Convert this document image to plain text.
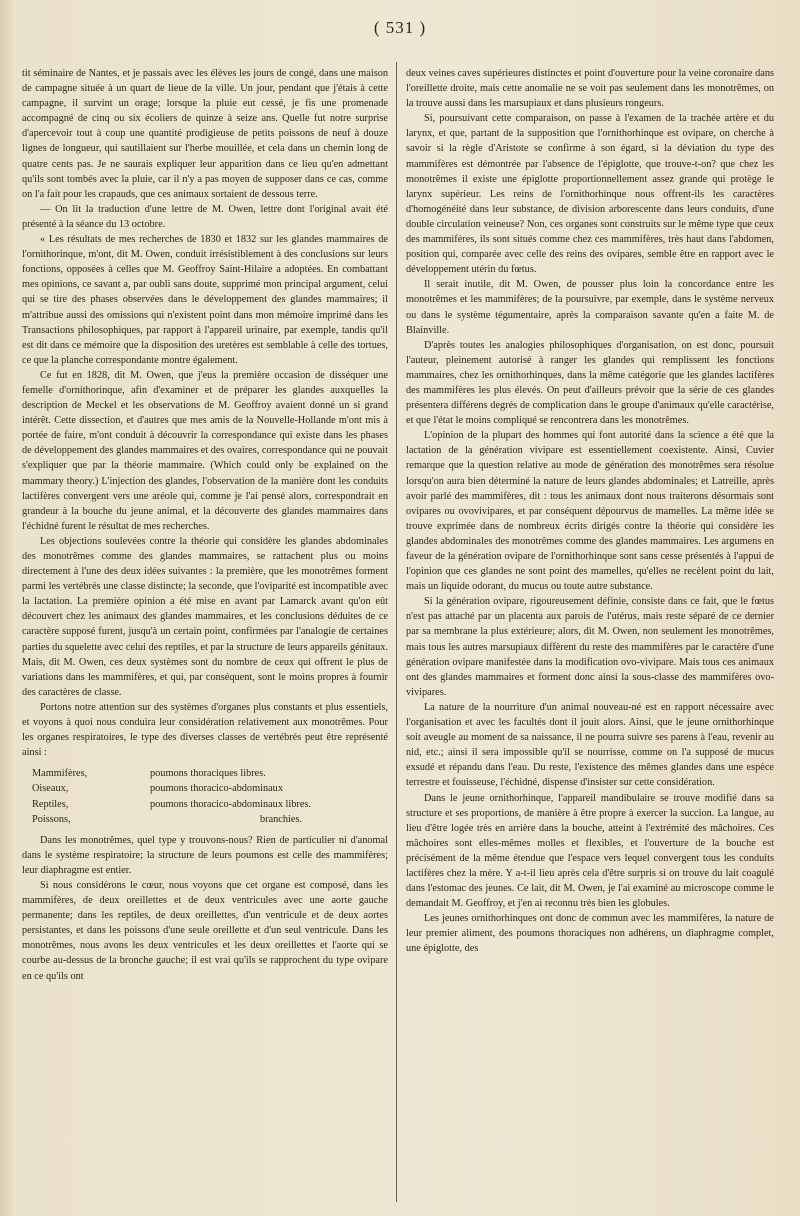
( 531 )

tit séminaire de Nantes, et je passais avec les élèves les jours de congé, dans une maison de campagne située à un quart de lieue de la ville. Un jour, pendant que j'étais à cette campagne, il survint un orage; lorsque la pluie eut cessé, je fis une promenade accompagné de cinq ou six écoliers de quinze à seize ans. Quelle fut notre surprise d'apercevoir tout à coup une quantité prodigieuse de petits poissons de neuf à douze lignes de longueur, qui sautillaient sur l'herbe mouillée, et cela dans un chemin long de quatre cents pas. Je ne saurais expliquer leur apparition dans ce lieu qu'en admettant qu'ils sont tombés avec la pluie, car il n'y a pas moyen de supposer dans ce cas, comme on l'a fait pour les crapauds, que ces animaux sortaient de dessous terre.

— On lit la traduction d'une lettre de M. Owen, lettre dont l'original avait été présenté à la séance du 13 octobre.

« Les résultats de mes recherches de 1830 et 1832 sur les glandes mammaires de l'ornithorinque, m'ont, dit M. Owen, conduit irrésistiblement à des conclusions sur leurs fonctions, opposées à celles que M. Geoffroy Saint-Hilaire a adoptées. En combattant mes opinions, ce savant a, par oubli sans doute, supprimé mon principal argument, celui qui se tire des phases observées dans le développement des glandes mammaires; il m'attribue aussi des omissions qui n'existent point dans mon mémoire imprimé dans les Transactions philosophiques, par rapport à l'appareil urinaire, par exemple, tandis qu'il est dit dans ce mémoire que la disposition des uretères est semblable à celle des tortues, ce que la planche correspondante montre également.

Ce fut en 1828, dit M. Owen, que j'eus la première occasion de disséquer une femelle d'ornithorinque, afin d'examiner et de préparer les glandes auxquelles la description de Meckel et les observations de M. Geoffroy avaient donné un si grand intérêt. Cette dissection, et d'autres que mes amis de la Nouvelle-Hollande m'ont mis à portée de faire, m'ont conduit à découvrir la correspondance qui existe dans les phases de développement des glandes mammaires et des ovaires, correspondance qui ne pouvait s'expliquer que par la théorie mammaire. (Which could only be explained on the mammary theory.) L'injection des glandes, l'observation de la manière dont les conduits lactifères convergent vers une aréole qui, comme je l'ai pensé alors, correspondrait en grandeur à la bouche du jeune animal, et la découverte des glandes mammaires dans l'échidné furent le résultat de mes recherches.

Les objections soulevées contre la théorie qui considère les glandes abdominales des monotrêmes comme des glandes mammaires, se rattachent plus ou moins directement à l'une des deux idées suivantes : la première, que les monotrêmes forment parmi les vertébrés une classe distincte; la seconde, que l'oviparité est incompatible avec la lactation. La première opinion a été mise en avant par Lamarck avant qu'on eût découvert chez les animaux des glandes mammaires, et les conclusions déduites de ce caractère supposé furent, jusqu'à un certain point, confirmées par l'analogie de certaines parties du squelette avec celui des reptiles, et par la structure de leurs appareils génitaux. Mais, dit M. Owen, ces deux systèmes sont du nombre de ceux qui offrent le plus de variations dans les mammifères, et qui, par conséquent, sont le moins propres à fournir des caractères de classe.

Portons notre attention sur des systèmes d'organes plus constants et plus essentiels, et voyons à quoi nous conduira leur considération relativement aux monotrêmes. Pour les organes respiratoires, le type des diverses classes de vertébrés peut être représenté ainsi :

Mammifères,	poumons thoraciques libres.
Oiseaux,	poumons thoracico-abdominaux
Reptiles,	poumons thoracico-abdominaux libres.
Poissons,	branchies.

Dans les monotrêmes, quel type y trouvons-nous? Rien de particulier ni d'anomal dans le système respiratoire; la structure de leurs poumons est celle des mammifères; leur diaphragme est entier.

Si nous considérons le cœur, nous voyons que cet organe est composé, dans les mammifères, de deux oreillettes et de deux ventricules avec une aorte gauche permanente; dans les reptiles, de deux oreillettes, d'un ventricule et de deux aortes persistantes, et dans les poissons d'une seule oreillette et d'un seul ventricule. Dans les monotrêmes, nous avons les deux ventricules et les deux oreillettes et l'aorte qui se courbe au-dessus de la bronche gauche; il est vrai qu'ils se rapprochent du type ovipare en ce qu'ils ont

deux veines caves supérieures distinctes et point d'ouverture pour la veine coronaire dans l'oreillette droite, mais cette anomalie ne se voit pas seulement dans les monotrêmes, on la trouve aussi dans les marsupiaux et dans plusieurs rongeurs.

Si, poursuivant cette comparaison, on passe à l'examen de la trachée artère et du larynx, et que, partant de la supposition que l'ornithorhinque est ovipare, on cherche à savoir si la règle d'Aristote se confirme à son égard, si la déviation du type des mammifères est démontrée par l'absence de l'épiglotte, que trouve-t-on? que chez les monotrêmes il existe une épiglotte proportionnellement assez grande qui protège le larynx supérieur. Les reins de l'ornithorhinque nous offrent-ils les caractères d'homogénéité dans leur substance, de division arborescente dans leurs conduits, d'une double circulation veineuse? Non, ces organes sont construits sur le même type que ceux des mammifères, ils sont situés comme chez ces mammifères, très haut dans l'abdomen, position qui, comparée avec celle des reins des ovipares, semble être en rapport avec le développement utérin du fœtus.

Il serait inutile, dit M. Owen, de pousser plus loin la concordance entre les monotrêmes et les mammifères; de la poursuivre, par exemple, dans le système nerveux ou dans le système tégumentaire, après la comparaison savante qu'en a faite M. de Blainville.

D'après toutes les analogies philosophiques d'organisation, on est donc, poursuit l'auteur, pleinement autorisé à ranger les glandes qui remplissent les fonctions mammaires, chez les ornithorhinques, dans la même catégorie que les glandes lactifères des mammifères les plus élevés. On peut d'ailleurs prévoir que la série de ces glandes présentera différens degrés de complication dans le groupe d'animaux qu'elle caractérise, et que l'état le moins compliqué se rencontrera dans les monotrêmes.

L'opinion de la plupart des hommes qui font autorité dans la science a été que la lactation de la génération vivipare est essentiellement coexistente. Ainsi, Cuvier remarque que la question relative au mode de génération des monotrêmes sera résolue lorsqu'on aura bien déterminé la nature de leurs glandes abdominales; et Latreille, après avoir parlé des mammifères, dit : tous les animaux dont nous traiterons désormais sont ovipares ou ovovivipares, et par conséquent dépourvus de mamelles. La même idée se trouve exprimée dans de nombreux écrits dirigés contre la théorie qui considère les glandes abdominales des monotrêmes comme des glandes mammaires. Les argumens en faveur de la génération ovipare de l'ornithorhinque sont sans cesse présentés à l'appui de l'opinion que ces glandes ne sont point des mamelles, qu'elles ne recèlent point du lait, mais un liquide odorant, du mucus ou toute autre substance.

Si la génération ovipare, rigoureusement définie, consiste dans ce fait, que le fœtus n'est pas attaché par un placenta aux parois de l'utérus, mais reste séparé de ce dernier par sa membrane la plus extérieure; alors, dit M. Owen, non seulement les monotrêmes, mais tous les autres marsupiaux diffèrent du reste des mammifères par le caractère d'une génération ovipare manifestée dans la modification ovo-vivipare. Mais tous ces animaux ont des glandes mammaires et forment donc ainsi la sous-classe des mammifères ovo-vivipares.

La nature de la nourriture d'un animal nouveau-né est en rapport nécessaire avec l'organisation et avec les facultés dont il jouit alors. Ainsi, que le jeune ornithorhinque soit aveugle au moment de sa naissance, il ne pourra suivre ses parens à l'eau, revenir au nid, etc.; ainsi il sera impossible qu'il se nourrisse, comme on l'a supposé de mucus exsudé et répandu dans l'eau. Du reste, l'existence des mêmes glandes dans une espèce terrestre et fouisseuse, l'échidné, dispense d'insister sur cette considération.

Dans le jeune ornithorhinque, l'appareil mandibulaire se trouve modifié dans sa structure et ses proportions, de manière à être propre à exercer la succion. La langue, au lieu d'être logée très en arrière dans la bouche, atteint à l'extrémité des mâchoires. Ces mâchoires sont elles-mêmes molles et flexibles, et l'ouverture de la bouche est précisément de la même étendue que l'espace vers lequel convergent tous les conduits lactifères chez la mère. Y a-t-il lieu après cela d'être surpris si on trouve du lait coagulé dans l'estomac des jeunes. Ce lait, dit M. Owen, je l'ai examiné au microscope comme le demandait M. Geoffroy, et j'en ai reconnu très bien les globules.

Les jeunes ornithorhinques ont donc de commun avec les mammifères, la nature de leur premier aliment, des poumons thoraciques non adhérens, un diaphragme complet, une épiglotte, des
